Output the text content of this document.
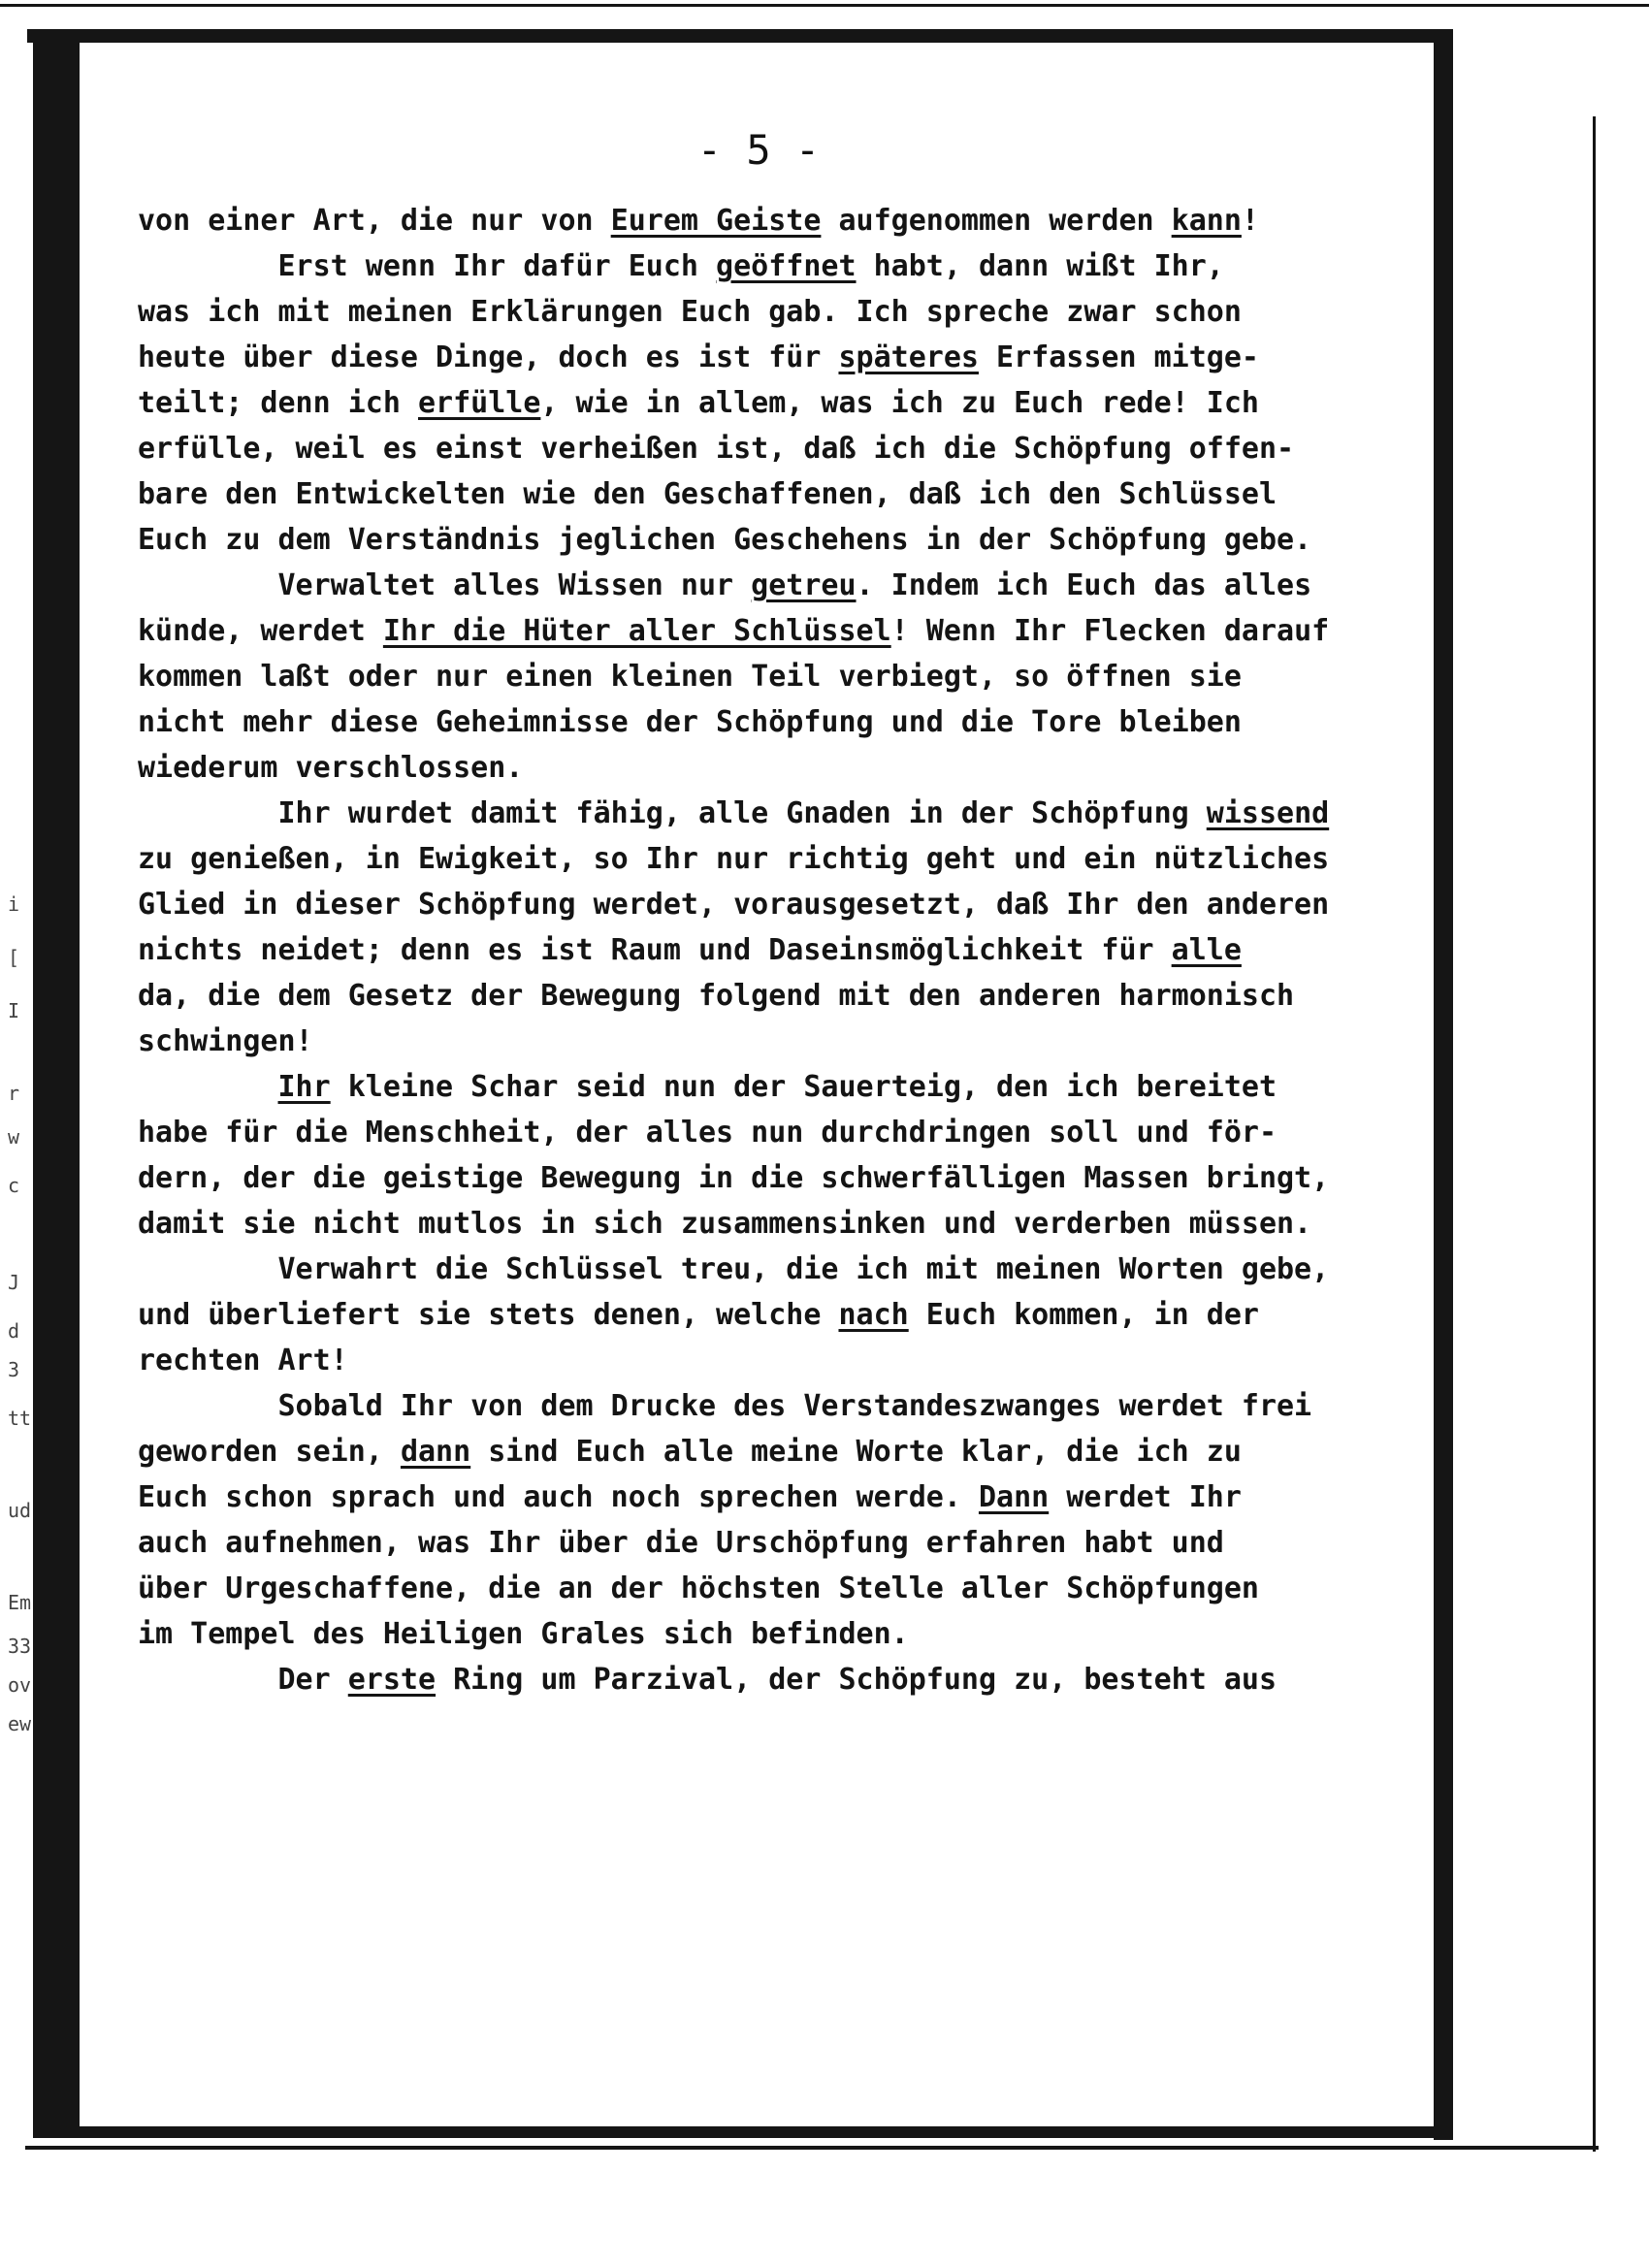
i
[
I
r
w
c
J
d
3
tt
ud
Em
33
ov
ew
- 5 -
von einer Art, die nur von Eurem Geiste aufgenommen werden kann!
Erst wenn Ihr dafür Euch geöffnet habt, dann wißt Ihr,
was ich mit meinen Erklärungen Euch gab. Ich spreche zwar schon
heute über diese Dinge, doch es ist für späteres Erfassen mitge-
teilt; denn ich erfülle, wie in allem, was ich zu Euch rede! Ich
erfülle, weil es einst verheißen ist, daß ich die Schöpfung offen-
bare den Entwickelten wie den Geschaffenen, daß ich den Schlüssel
Euch zu dem Verständnis jeglichen Geschehens in der Schöpfung gebe.
Verwaltet alles Wissen nur getreu. Indem ich Euch das alles
künde, werdet Ihr die Hüter aller Schlüssel! Wenn Ihr Flecken darauf
kommen laßt oder nur einen kleinen Teil verbiegt, so öffnen sie
nicht mehr diese Geheimnisse der Schöpfung und die Tore bleiben
wiederum verschlossen.
Ihr wurdet damit fähig, alle Gnaden in der Schöpfung wissend
zu genießen, in Ewigkeit, so Ihr nur richtig geht und ein nützliches
Glied in dieser Schöpfung werdet, vorausgesetzt, daß Ihr den anderen
nichts neidet; denn es ist Raum und Daseinsmöglichkeit für alle
da, die dem Gesetz der Bewegung folgend mit den anderen harmonisch
schwingen!
Ihr kleine Schar seid nun der Sauerteig, den ich bereitet
habe für die Menschheit, der alles nun durchdringen soll und för-
dern, der die geistige Bewegung in die schwerfälligen Massen bringt,
damit sie nicht mutlos in sich zusammensinken und verderben müssen.
Verwahrt die Schlüssel treu, die ich mit meinen Worten gebe,
und überliefert sie stets denen, welche nach Euch kommen, in der
rechten Art!
Sobald Ihr von dem Drucke des Verstandeszwanges werdet frei
geworden sein, dann sind Euch alle meine Worte klar, die ich zu
Euch schon sprach und auch noch sprechen werde. Dann werdet Ihr
auch aufnehmen, was Ihr über die Urschöpfung erfahren habt und
über Urgeschaffene, die an der höchsten Stelle aller Schöpfungen
im Tempel des Heiligen Grales sich befinden.
Der erste Ring um Parzival, der Schöpfung zu, besteht aus
